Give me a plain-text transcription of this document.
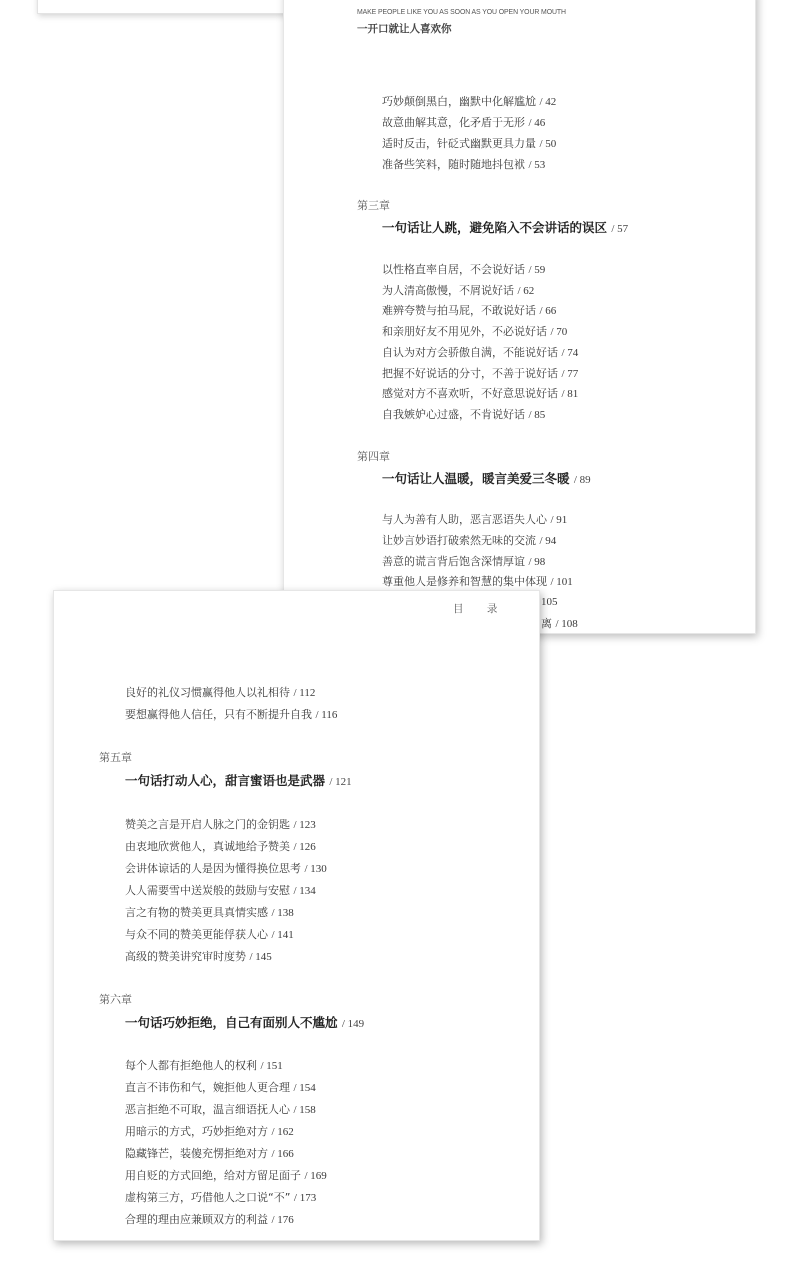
MAKE PEOPLE LIKE YOU AS SOON AS YOU OPEN YOUR MOUTH
一开口就让人喜欢你
巧妙颠倒黑白，幽默中化解尴尬 / 42
故意曲解其意，化矛盾于无形 / 46
适时反击，针砭式幽默更具力量 / 50
准备些笑料，随时随地抖包袱 / 53
第三章
一句话让人跳，避免陷入不会讲话的误区 / 57
以性格直率自居，不会说好话 / 59
为人清高傲慢，不屑说好话 / 62
难辨夸赞与拍马屁，不敢说好话 / 66
和亲朋好友不用见外，不必说好话 / 70
自认为对方会骄傲自满，不能说好话 / 74
把握不好说话的分寸，不善于说好话 / 77
感觉对方不喜欢听，不好意思说好话 / 81
自我嫉妒心过盛，不肯说好话 / 85
第四章
一句话让人温暖，暖言美爱三冬暖 / 89
与人为善有人助，恶言恶语失人心 / 91
让妙言妙语打破索然无味的交流 / 94
善意的谎言背后饱含深情厚谊 / 98
尊重他人是修养和智慧的集中体现 / 101
105
离 / 108
目 录
良好的礼仪习惯赢得他人以礼相待 / 112
要想赢得他人信任，只有不断提升自我 / 116
第五章
一句话打动人心，甜言蜜语也是武器 / 121
赞美之言是开启人脉之门的金钥匙 / 123
由衷地欣赏他人，真诚地给予赞美 / 126
会讲体谅话的人是因为懂得换位思考 / 130
人人需要雪中送炭般的鼓励与安慰 / 134
言之有物的赞美更具真情实感 / 138
与众不同的赞美更能俘获人心 / 141
高级的赞美讲究审时度势 / 145
第六章
一句话巧妙拒绝，自己有面别人不尴尬 / 149
每个人都有拒绝他人的权利 / 151
直言不讳伤和气，婉拒他人更合理 / 154
恶言拒绝不可取，温言细语抚人心 / 158
用暗示的方式，巧妙拒绝对方 / 162
隐藏锋芒，装傻充愣拒绝对方 / 166
用自贬的方式回绝，给对方留足面子 / 169
虚构第三方，巧借他人之口说“不” / 173
合理的理由应兼顾双方的利益 / 176
